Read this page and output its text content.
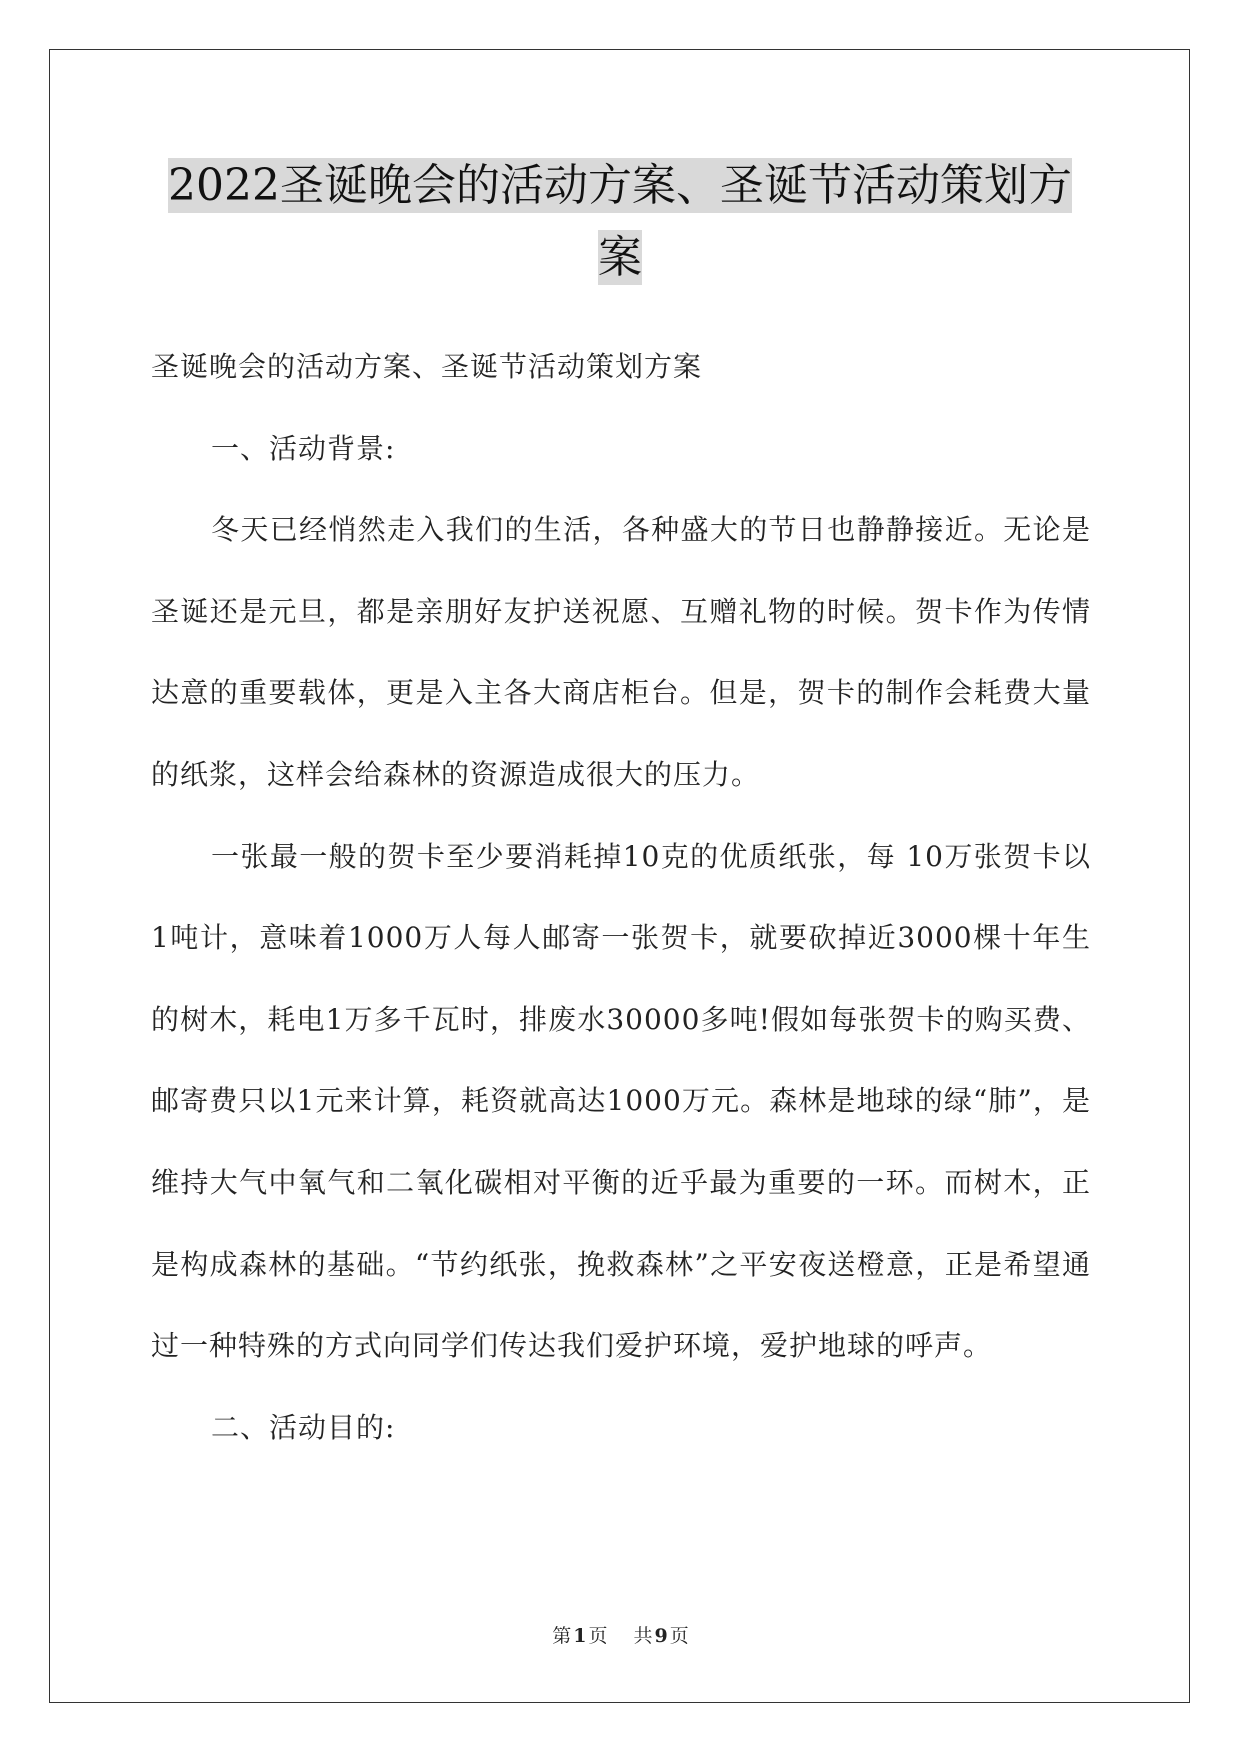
2022圣诞晚会的活动方案、圣诞节活动策划方案

圣诞晚会的活动方案、圣诞节活动策划方案

一、活动背景:

冬天已经悄然走入我们的生活，各种盛大的节日也静静接近。无论是圣诞还是元旦，都是亲朋好友护送祝愿、互赠礼物的时候。贺卡作为传情达意的重要载体，更是入主各大商店柜台。但是，贺卡的制作会耗费大量的纸浆，这样会给森林的资源造成很大的压力。

一张最一般的贺卡至少要消耗掉10克的优质纸张，每 10万张贺卡以1吨计，意味着1000万人每人邮寄一张贺卡，就要砍掉近3000棵十年生的树木，耗电1万多千瓦时，排废水30000多吨!假如每张贺卡的购买费、邮寄费只以1元来计算，耗资就高达1000万元。森林是地球的绿“肺”，是维持大气中氧气和二氧化碳相对平衡的近乎最为重要的一环。而树木，正是构成森林的基础。“节约纸张，挽救森林”之平安夜送橙意，正是希望通过一种特殊的方式向同学们传达我们爱护环境，爱护地球的呼声。

二、活动目的:

第 1 页 共 9 页
